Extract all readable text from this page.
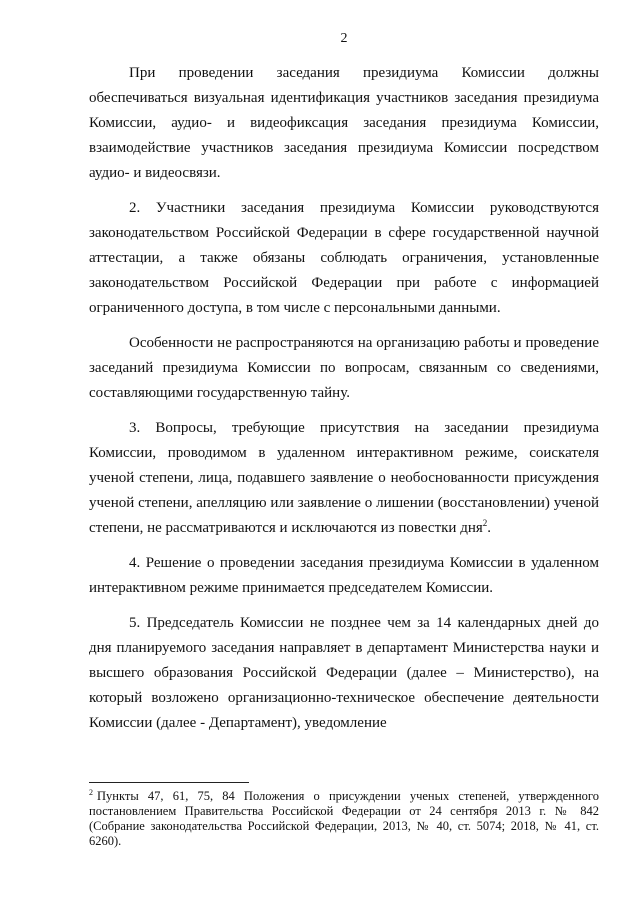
2

При проведении заседания президиума Комиссии должны обеспечиваться визуальная идентификация участников заседания президиума Комиссии, аудио- и видеофиксация заседания президиума Комиссии, взаимодействие участников заседания президиума Комиссии посредством аудио- и видеосвязи.

2. Участники заседания президиума Комиссии руководствуются законодательством Российской Федерации в сфере государственной научной аттестации, а также обязаны соблюдать ограничения, установленные законодательством Российской Федерации при работе с информацией ограниченного доступа, в том числе с персональными данными.

Особенности не распространяются на организацию работы и проведение заседаний президиума Комиссии по вопросам, связанным со сведениями, составляющими государственную тайну.

3. Вопросы, требующие присутствия на заседании президиума Комиссии, проводимом в удаленном интерактивном режиме, соискателя ученой степени, лица, подавшего заявление о необоснованности присуждения ученой степени, апелляцию или заявление о лишении (восстановлении) ученой степени, не рассматриваются и исключаются из повестки дня$^2$.

4. Решение о проведении заседания президиума Комиссии в удаленном интерактивном режиме принимается председателем Комиссии.

5. Председатель Комиссии не позднее чем за 14 календарных дней до дня планируемого заседания направляет в департамент Министерства науки и высшего образования Российской Федерации (далее – Министерство), на который возложено организационно-техническое обеспечение деятельности Комиссии (далее - Департамент), уведомление

$^2$ Пункты 47, 61, 75, 84 Положения о присуждении ученых степеней, утвержденного постановлением Правительства Российской Федерации от 24 сентября 2013 г. № 842 (Собрание законодательства Российской Федерации, 2013, № 40, ст. 5074; 2018, № 41, ст. 6260).
